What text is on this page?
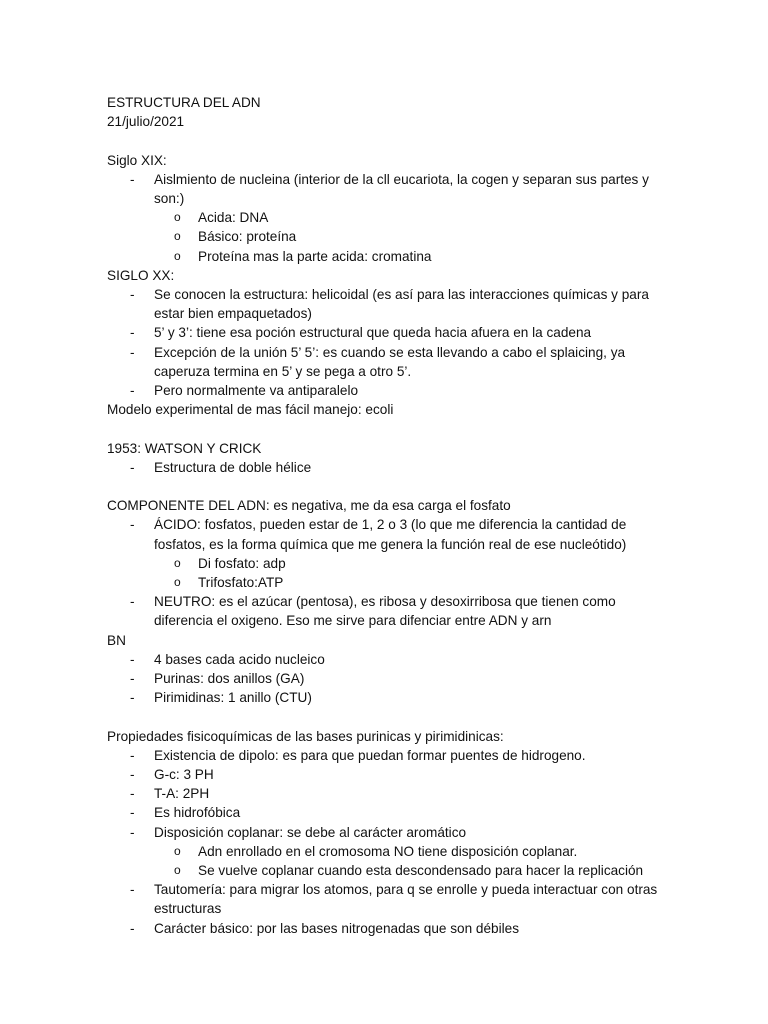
ESTRUCTURA DEL ADN
21/julio/2021
Siglo XIX:
-	Aislmiento de nucleina (interior de la cll eucariota, la cogen y separan sus partes y son:)
o	Acida: DNA
o	Básico: proteína
o	Proteína mas la parte acida: cromatina
SIGLO XX:
-	Se conocen la estructura: helicoidal (es así para las interacciones químicas y para estar bien empaquetados)
-	5’ y 3’: tiene esa poción estructural que queda hacia afuera en la cadena
-	Excepción de la unión 5’ 5’: es cuando se esta llevando a cabo el splaicing, ya caperuza termina en 5’ y se pega a otro 5’.
-	Pero normalmente va antiparalelo
Modelo experimental de mas fácil manejo: ecoli
1953: WATSON Y CRICK
-	Estructura de doble hélice
COMPONENTE DEL ADN: es negativa, me da esa carga el fosfato
-	ÁCIDO: fosfatos, pueden estar de 1, 2 o 3 (lo que me diferencia la cantidad de fosfatos, es la forma química que me genera la función real de ese nucleótido)
o	Di fosfato: adp
o	Trifosfato:ATP
-	NEUTRO: es el azúcar (pentosa), es ribosa y desoxirribosa que tienen como diferencia el oxigeno. Eso me sirve para difenciar entre ADN y arn
BN
-	4 bases cada acido nucleico
-	Purinas: dos anillos (GA)
-	Pirimidinas: 1 anillo (CTU)
Propiedades fisicoquímicas de las bases purinicas y pirimidinicas:
-	Existencia de dipolo: es para que puedan formar puentes de hidrogeno.
-	G-c: 3 PH
-	T-A: 2PH
-	Es hidrofóbica
-	Disposición coplanar: se debe al carácter aromático
o	Adn enrollado en el cromosoma NO tiene disposición coplanar.
o	Se vuelve coplanar cuando esta descondensado para hacer la replicación
-	Tautomería: para migrar los atomos, para q se enrolle y pueda interactuar con otras estructuras
-	Carácter básico: por las bases nitrogenadas que son débiles
